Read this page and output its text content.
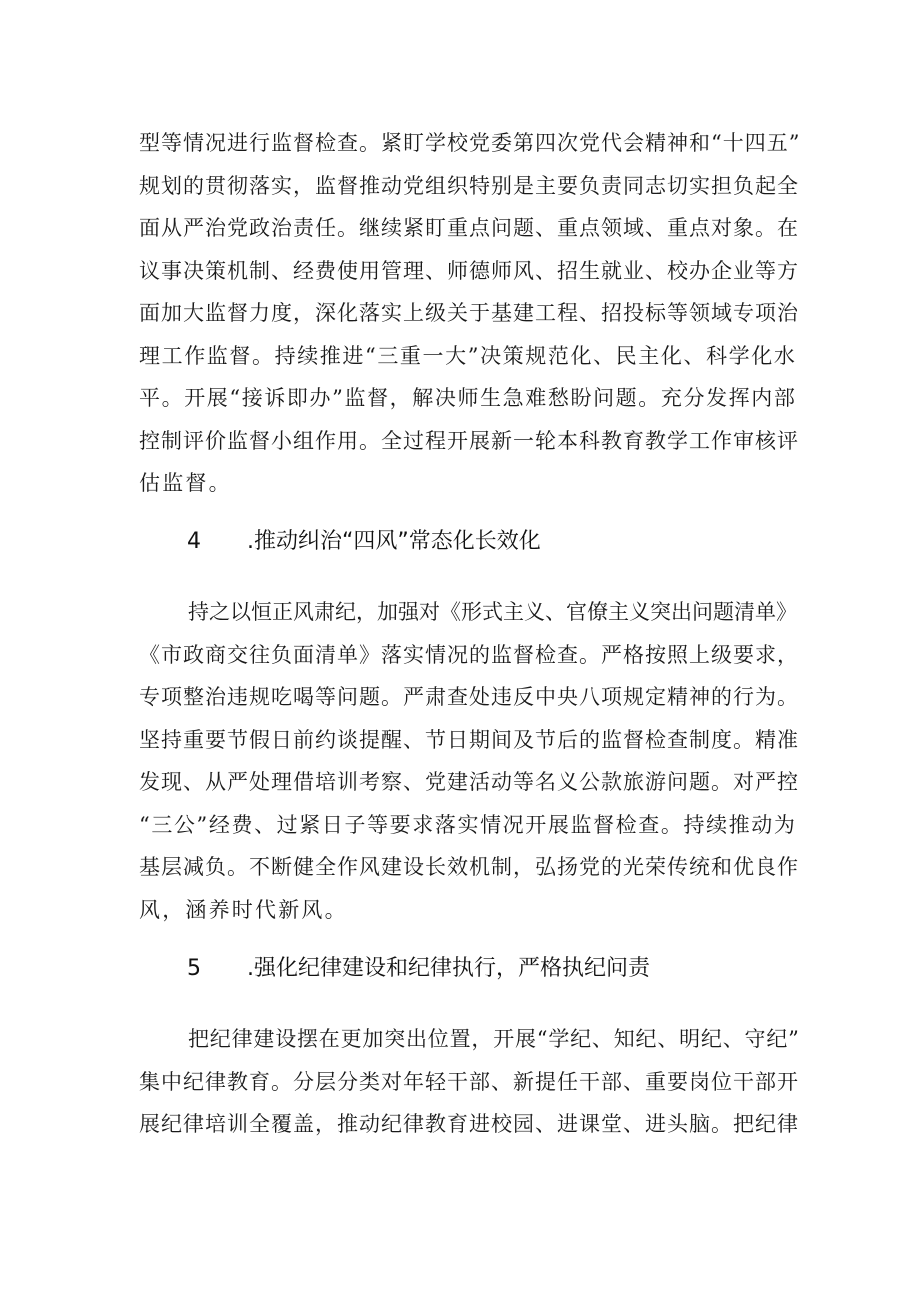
型等情况进行监督检查。紧盯学校党委第四次党代会精神和“十四五”
规划的贯彻落实，监督推动党组织特别是主要负责同志切实担负起全
面从严治党政治责任。继续紧盯重点问题、重点领域、重点对象。在
议事决策机制、经费使用管理、师德师风、招生就业、校办企业等方
面加大监督力度，深化落实上级关于基建工程、招投标等领域专项治
理工作监督。持续推进“三重一大”决策规范化、民主化、科学化水
平。开展“接诉即办”监督，解决师生急难愁盼问题。充分发挥内部
控制评价监督小组作用。全过程开展新一轮本科教育教学工作审核评
估监督。
4 .推动纠治“四风”常态化长效化
持之以恒正风肃纪，加强对《形式主义、官僚主义突出问题清单》
《市政商交往负面清单》落实情况的监督检查。严格按照上级要求，
专项整治违规吃喝等问题。严肃查处违反中央八项规定精神的行为。
坚持重要节假日前约谈提醒、节日期间及节后的监督检查制度。精准
发现、从严处理借培训考察、党建活动等名义公款旅游问题。对严控
“三公”经费、过紧日子等要求落实情况开展监督检查。持续推动为
基层减负。不断健全作风建设长效机制，弘扬党的光荣传统和优良作
风，涵养时代新风。
5 .强化纪律建设和纪律执行，严格执纪问责
把纪律建设摆在更加突出位置，开展“学纪、知纪、明纪、守纪”
集中纪律教育。分层分类对年轻干部、新提任干部、重要岗位干部开
展纪律培训全覆盖，推动纪律教育进校园、进课堂、进头脑。把纪律
